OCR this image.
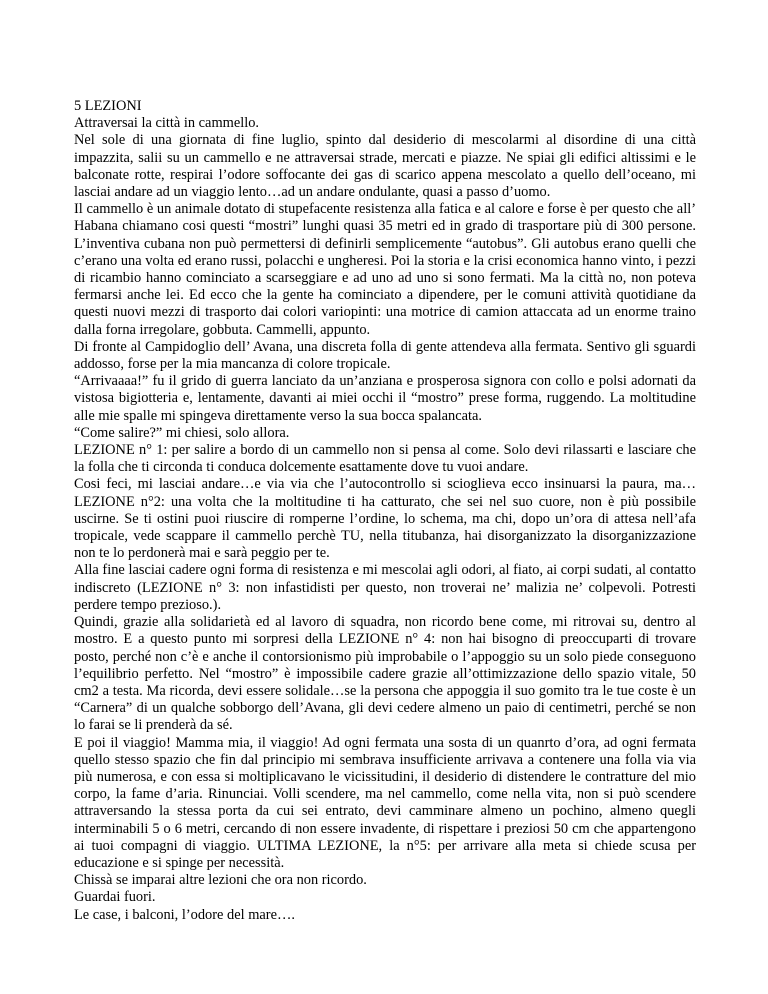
5 LEZIONI

Attraversai la città in cammello.

Nel sole di una giornata di fine luglio, spinto dal desiderio di mescolarmi al disordine di una città impazzita, salii su un cammello e ne attraversai strade, mercati e piazze. Ne spiai gli edifici altissimi e le balconate rotte, respirai l’odore soffocante dei gas di scarico appena mescolato a quello dell’oceano, mi lasciai andare ad un viaggio lento…ad un andare ondulante, quasi a passo d’uomo.

Il cammello è un animale dotato di stupefacente resistenza alla fatica e al calore e forse è per questo che all’ Habana chiamano cosi questi “mostri” lunghi quasi 35 metri ed in grado di trasportare più di 300 persone. L’inventiva cubana non può permettersi di definirli semplicemente “autobus”. Gli autobus erano quelli che c’erano una volta ed erano russi, polacchi e ungheresi. Poi la storia e la crisi economica hanno vinto, i pezzi di ricambio hanno cominciato a scarseggiare e ad uno ad uno si sono fermati. Ma la città no, non poteva fermarsi anche lei. Ed ecco che la gente ha cominciato a dipendere, per le comuni attività quotidiane da questi nuovi mezzi di trasporto dai colori variopinti: una motrice di camion attaccata ad un enorme traino dalla forna irregolare, gobbuta. Cammelli, appunto.

Di fronte al Campidoglio dell’ Avana, una discreta folla di gente attendeva alla fermata. Sentivo gli sguardi addosso, forse per la mia mancanza di colore tropicale.

“Arrivaaaa!” fu il grido di guerra lanciato da un’anziana e prosperosa signora con collo e polsi adornati da vistosa bigiotteria e, lentamente, davanti ai miei occhi il “mostro” prese forma, ruggendo. La moltitudine alle mie spalle mi spingeva direttamente verso la sua bocca spalancata.

“Come salire?” mi chiesi, solo allora.

LEZIONE n° 1: per salire a bordo di un cammello non si pensa al come. Solo devi rilassarti e lasciare che la folla che ti circonda ti conduca dolcemente esattamente dove tu vuoi andare.

Cosi feci, mi lasciai andare…e via via che l’autocontrollo si scioglieva ecco insinuarsi la paura, ma…LEZIONE n°2: una volta che la moltitudine ti ha catturato, che sei nel suo cuore, non è più possibile uscirne. Se ti ostini puoi riuscire di romperne l’ordine, lo schema, ma chi, dopo un’ora di attesa nell’afa tropicale, vede scappare il cammello perchè TU, nella titubanza, hai disorganizzato la disorganizzazione non te lo perdonerà mai e sarà peggio per te.

Alla fine lasciai cadere ogni forma di resistenza e mi mescolai agli odori, al fiato, ai corpi sudati, al contatto indiscreto (LEZIONE n° 3: non infastidisti per questo, non troverai ne’ malizia ne’ colpevoli. Potresti perdere tempo prezioso.).

Quindi, grazie alla solidarietà ed al lavoro di squadra, non ricordo bene come, mi ritrovai su, dentro al mostro. E a questo punto mi sorpresi della LEZIONE n° 4: non hai bisogno di preoccuparti di trovare posto, perché non c’è e anche il contorsionismo più improbabile o l’appoggio su un solo piede conseguono l’equilibrio perfetto. Nel “mostro” è impossibile cadere grazie all’ottimizzazione dello spazio vitale, 50 cm2 a testa. Ma ricorda, devi essere solidale…se la persona che appoggia il suo gomito tra le tue coste è un “Carnera” di un qualche sobborgo dell’Avana, gli devi cedere almeno un paio di centimetri, perché se non lo farai se li prenderà da sé.

E poi il viaggio! Mamma mia, il viaggio! Ad ogni fermata una sosta di un quanrto d’ora, ad ogni fermata quello stesso spazio che fin dal principio mi sembrava insufficiente arrivava a contenere una folla via via più numerosa, e con essa si moltiplicavano le vicissitudini, il desiderio di distendere le contratture del mio corpo, la fame d’aria. Rinunciai. Volli scendere, ma nel cammello, come nella vita, non si può scendere attraversando la stessa porta da cui sei entrato, devi camminare almeno un pochino, almeno quegli interminabili 5 o 6 metri, cercando di non essere invadente, di rispettare i preziosi 50 cm che appartengono ai tuoi compagni di viaggio. ULTIMA LEZIONE, la n°5: per arrivare alla meta si chiede scusa per educazione e si spinge per necessità.

Chissà se imparai altre lezioni che ora non ricordo.

Guardai fuori.

Le case, i balconi, l’odore del mare….
